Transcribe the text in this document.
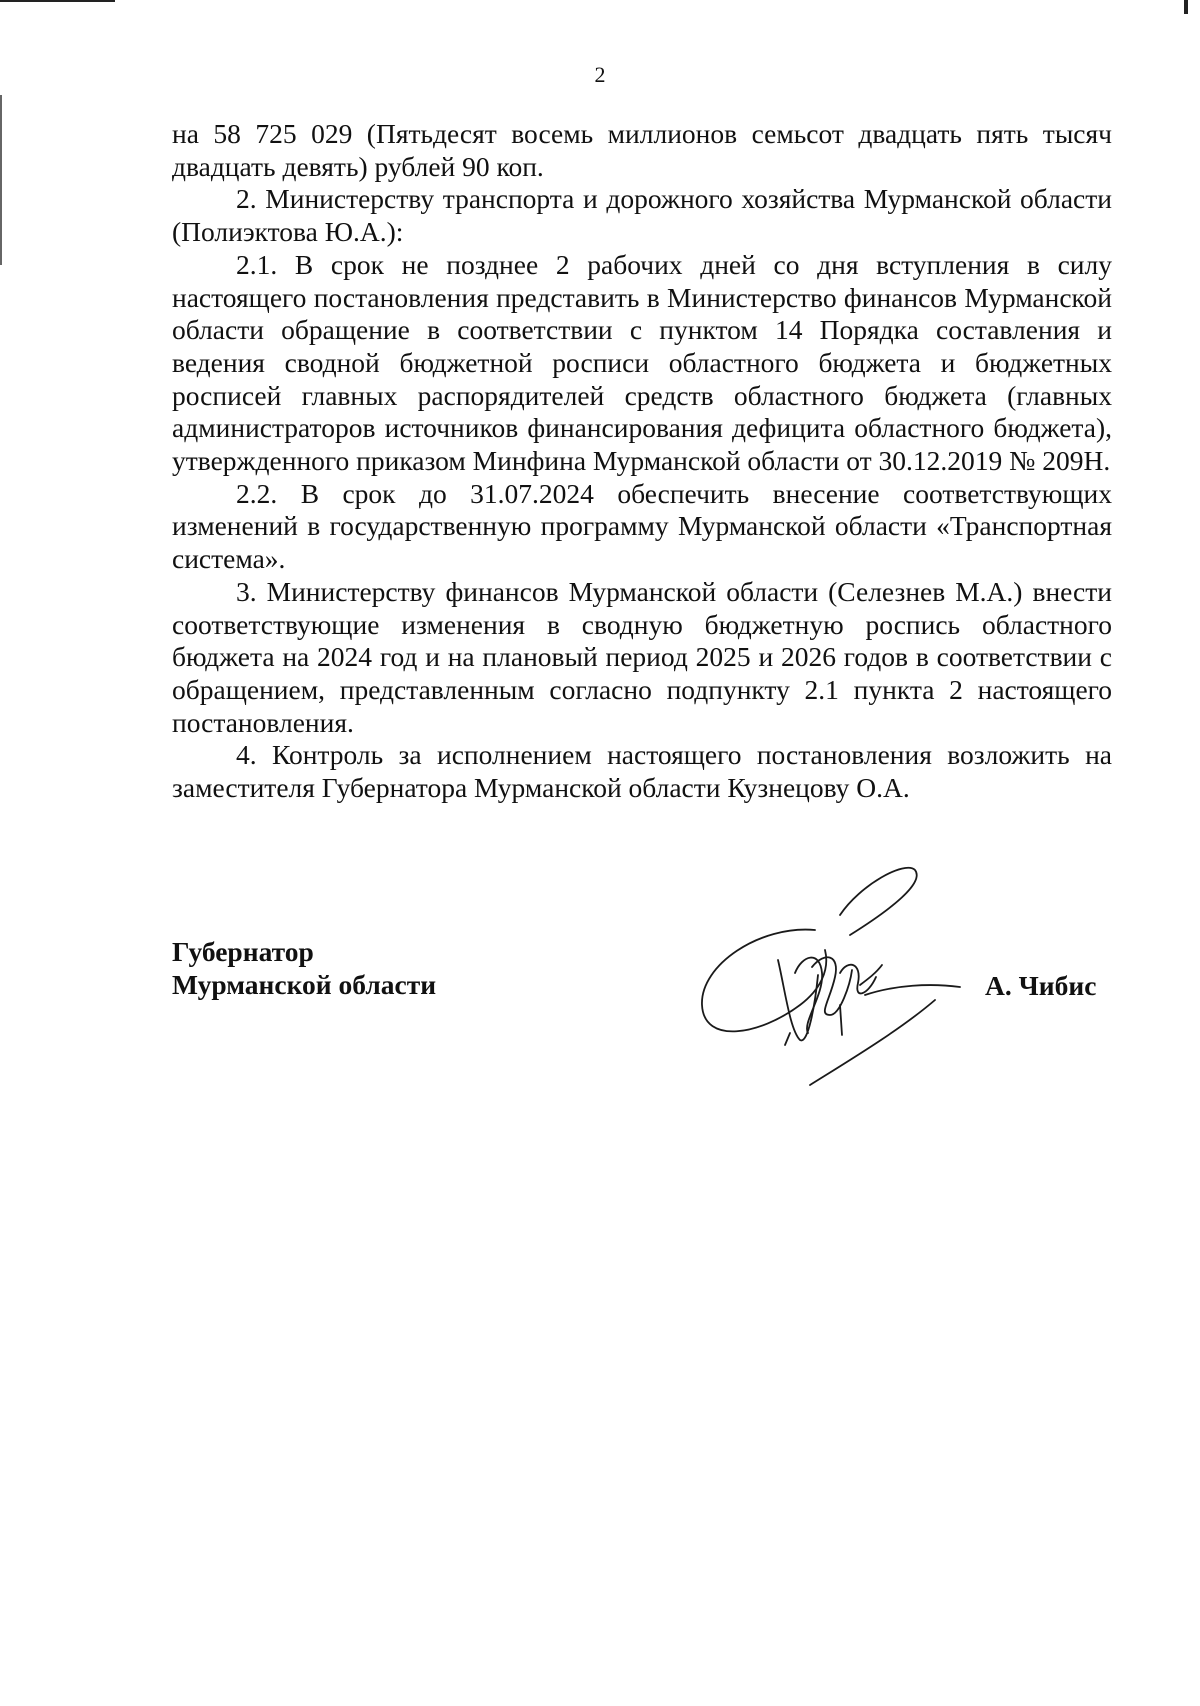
2

на 58 725 029 (Пятьдесят восемь миллионов семьсот двадцать пять тысяч двадцать девять) рублей 90 коп.

2. Министерству транспорта и дорожного хозяйства Мурманской области (Полиэктова Ю.А.):

2.1. В срок не позднее 2 рабочих дней со дня вступления в силу настоящего постановления представить в Министерство финансов Мурманской области обращение в соответствии с пунктом 14 Порядка составления и ведения сводной бюджетной росписи областного бюджета и бюджетных росписей главных распорядителей средств областного бюджета (главных администраторов источников финансирования дефицита областного бюджета), утвержденного приказом Минфина Мурманской области от 30.12.2019 № 209Н.

2.2. В срок до 31.07.2024 обеспечить внесение соответствующих изменений в государственную программу Мурманской области «Транспортная система».

3. Министерству финансов Мурманской области (Селезнев М.А.) внести соответствующие изменения в сводную бюджетную роспись областного бюджета на 2024 год и на плановый период 2025 и 2026 годов в соответствии с обращением, представленным согласно подпункту 2.1 пункта 2 настоящего постановления.

4. Контроль за исполнением настоящего постановления возложить на заместителя Губернатора Мурманской области Кузнецову О.А.

Губернатор
Мурманской области	А. Чибис
